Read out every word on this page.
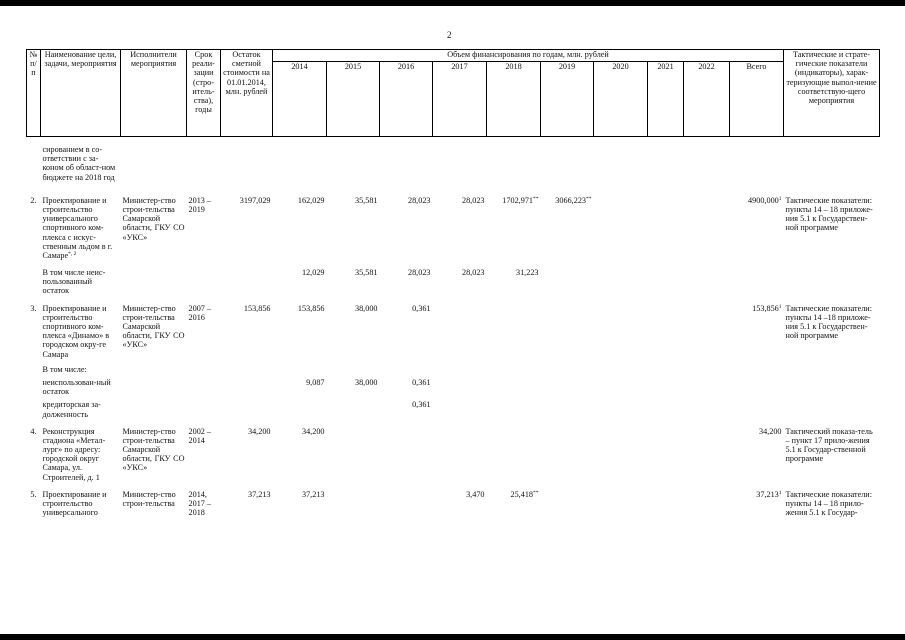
2
№ п/п	Наименование цели, задачи, мероприятия	Исполнители мероприятия	Срок реали-зации (стро-итель-ства), годы	Остаток сметной стоимости на 01.01.2014, млн. рублей	Объем финансирования по годам, млн. рублей										Тактические и страте-гические показатели (индикаторы), харак-теризующие выпол-нение соответствую-щего мероприятия
					2014	2015	2016	2017	2018	2019	2020	2021	2022	Всего	

	сированием в со-ответствии с за-коном об област-ном бюджете на 2018 год														

2.	Проектирование и строительство универсального спортивного ком-плекса с искус-ственным льдом в г. Самаре$^{*, 2}$	Министер-ство строи-тельства Самарской области, ГКУ СО «УКС»	2013 – 2019	3197,029	162,029	35,581	28,023	28,023	1702,971**	3066,223**				4900,000$^1$	Тактические показатели: пункты 14 – 18 приложе-ния 5.1 к Государствен-ной программе

	В том числе неис-пользованный остаток				12,029	35,581	28,023	28,023	31,223						

3.	Проектирование и строительство спортивного ком-плекса «Динамо» в городском окру-ге Самара	Министер-ство строи-тельства Самарской области, ГКУ СО «УКС»	2007 – 2016	153,856	153,856	38,000	0,361							153,856$^1$	Тактические показатели: пункты 14 –18 приложе-ния 5.1 к Государствен-ной программе

	В том числе:														

	неиспользован-ный остаток				9,087	38,000	0,361								

	кредиторская за-долженность						0,361								

4.	Реконструкция стадиона «Метал-лург» по адресу: городской округ Самара, ул. Строителей, д. 1	Министер-ство строи-тельства Самарской области, ГКУ СО «УКС»	2002 – 2014	34,200	34,200									34,200	Тактический показа-тель – пункт 17 прило-жения 5.1 к Государ-ственной программе

5.	Проектирование и строительство универсального	Министер-ство строи-тельства	2014, 2017 – 2018	37,213	37,213			3,470	25,418**					37,213$^1$	Тактические показатели: пункты 14 – 18 прило-жения 5.1 к Государ-
